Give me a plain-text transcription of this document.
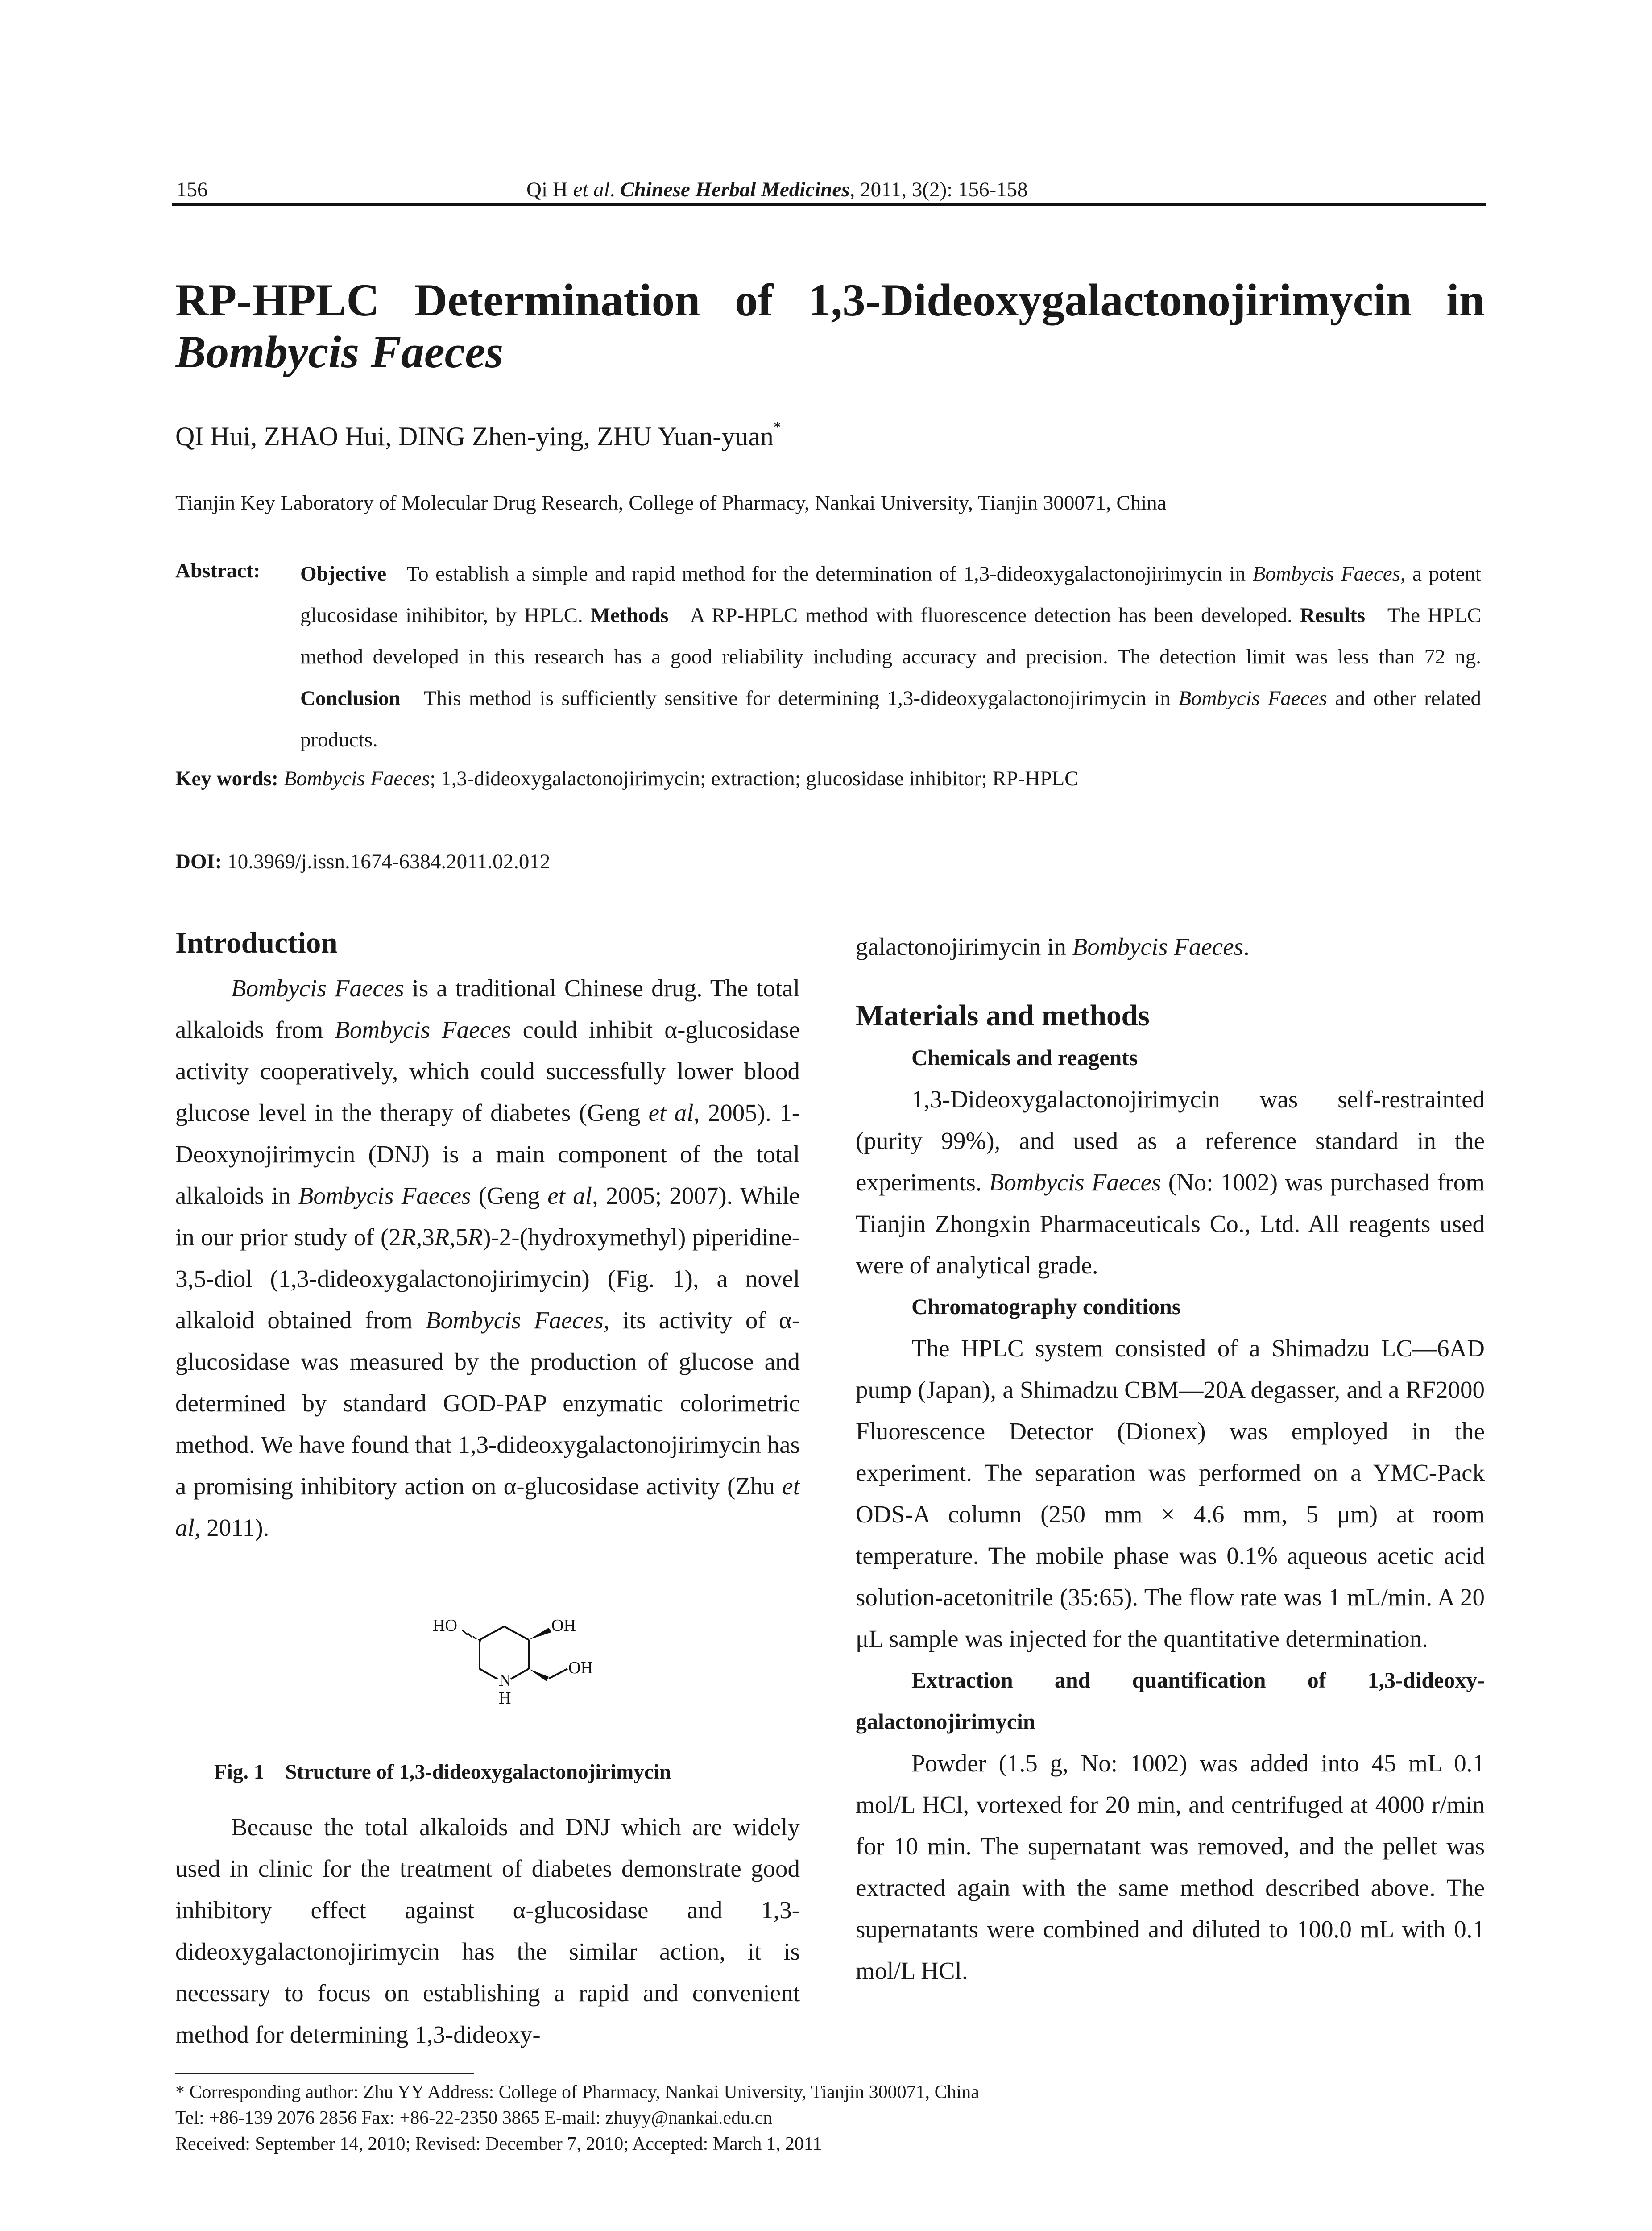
156	Qi H et al. Chinese Herbal Medicines, 2011, 3(2): 156-158
RP-HPLC Determination of 1,3-Dideoxygalactonojirimycin in
Bombycis Faeces
QI Hui, ZHAO Hui, DING Zhen-ying, ZHU Yuan-yuan*
Tianjin Key Laboratory of Molecular Drug Research, College of Pharmacy, Nankai University, Tianjin 300071, China
Abstract: Objective To establish a simple and rapid method for the determination of 1,3-dideoxygalactonojirimycin in Bombycis Faeces, a potent glucosidase inihibitor, by HPLC. Methods A RP-HPLC method with fluorescence detection has been developed. Results The HPLC method developed in this research has a good reliability including accuracy and precision. The detection limit was less than 72 ng. Conclusion This method is sufficiently sensitive for determining 1,3-dideoxygalactonojirimycin in Bombycis Faeces and other related products.
Key words: Bombycis Faeces; 1,3-dideoxygalactonojirimycin; extraction; glucosidase inhibitor; RP-HPLC
DOI: 10.3969/j.issn.1674-6384.2011.02.012
Introduction

Bombycis Faeces is a traditional Chinese drug. The total alkaloids from Bombycis Faeces could inhibit α-glucosidase activity cooperatively, which could successfully lower blood glucose level in the therapy of diabetes (Geng et al, 2005). 1-Deoxynojirimycin (DNJ) is a main component of the total alkaloids in Bombycis Faeces (Geng et al, 2005; 2007). While in our prior study of (2R,3R,5R)-2-(hydroxymethyl) piperidine-3,5-diol (1,3-dideoxygalactonojirimycin) (Fig. 1), a novel alkaloid obtained from Bombycis Faeces, its activity of α-glucosidase was measured by the production of glucose and determined by standard GOD-PAP enzymatic colorimetric method. We have found that 1,3-dideoxygalactonojirimycin has a promising inhibitory action on α-glucosidase activity (Zhu et al, 2011).

HO	OH
OH
N
H
Fig. 1 Structure of 1,3-dideoxygalactonojirimycin

Because the total alkaloids and DNJ which are widely used in clinic for the treatment of diabetes demonstrate good inhibitory effect against α-glucosidase and 1,3-dideoxygalactonojirimycin has the similar action, it is necessary to focus on establishing a rapid and convenient method for determining 1,3-dideoxy-

galactonojirimycin in Bombycis Faeces.

Materials and methods

Chemicals and reagents

1,3-Dideoxygalactonojirimycin was self-restrainted (purity 99%), and used as a reference standard in the experiments. Bombycis Faeces (No: 1002) was purchased from Tianjin Zhongxin Pharmaceuticals Co., Ltd. All reagents used were of analytical grade.

Chromatography conditions

The HPLC system consisted of a Shimadzu LC—6AD pump (Japan), a Shimadzu CBM—20A degasser, and a RF2000 Fluorescence Detector (Dionex) was employed in the experiment. The separation was performed on a YMC-Pack ODS-A column (250 mm × 4.6 mm, 5 μm) at room temperature. The mobile phase was 0.1% aqueous acetic acid solution-acetonitrile (35:65). The flow rate was 1 mL/min. A 20 μL sample was injected for the quantitative determination.

Extraction and quantification of 1,3-dideoxy-galactonojirimycin

Powder (1.5 g, No: 1002) was added into 45 mL 0.1 mol/L HCl, vortexed for 20 min, and centrifuged at 4000 r/min for 10 min. The supernatant was removed, and the pellet was extracted again with the same method described above. The supernatants were combined and diluted to 100.0 mL with 0.1 mol/L HCl.

* Corresponding author: Zhu YY Address: College of Pharmacy, Nankai University, Tianjin 300071, China
Tel: +86-139 2076 2856 Fax: +86-22-2350 3865 E-mail: zhuyy@nankai.edu.cn
Received: September 14, 2010; Revised: December 7, 2010; Accepted: March 1, 2011
